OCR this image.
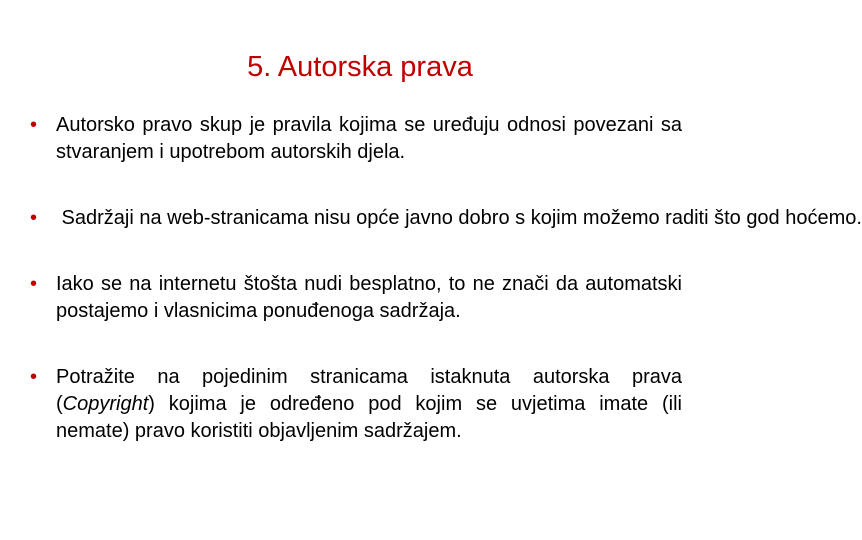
5. Autorska prava
• Autorsko pravo skup je pravila kojima se uređuju odnosi povezani sa stvaranjem i upotrebom autorskih djela.
• Sadržaji na web-stranicama nisu opće javno dobro s kojim možemo raditi što god hoćemo.
• Iako se na internetu štošta nudi besplatno, to ne znači da automatski postajemo i vlasnicima ponuđenoga sadržaja.
• Potražite na pojedinim stranicama istaknuta autorska prava (Copyright) kojima je određeno pod kojim se uvjetima imate (ili nemate) pravo koristiti objavljenim sadržajem.
